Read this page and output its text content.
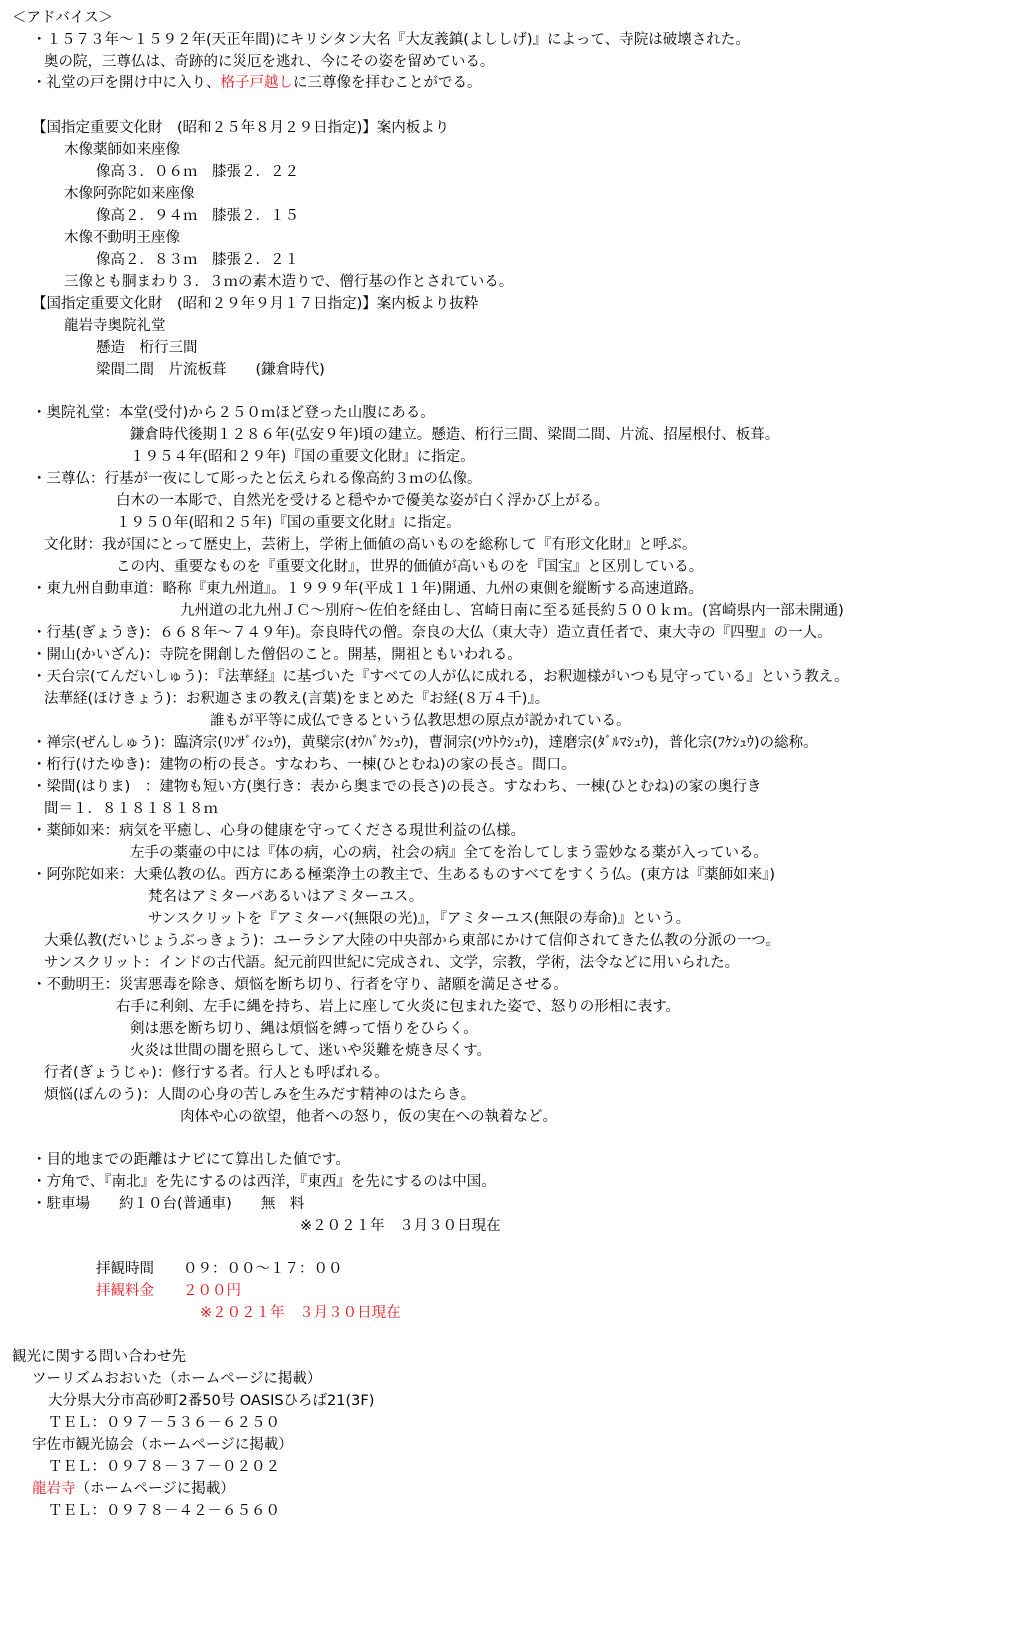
＜アドバイス＞
・１５７３年～１５９２年(天正年間)にキリシタン大名『大友義鎮(よししげ)』によって、寺院は破壊された。
奥の院，三尊仏は、奇跡的に災厄を逃れ、今にその姿を留めている。
・礼堂の戸を開け中に入り、格子戸越しに三尊像を拝むことがでる。
【国指定重要文化財　(昭和２５年８月２９日指定)】案内板より
木像薬師如来座像
像高３．０６ｍ　膝張２．２２
木像阿弥陀如来座像
像高２．９４ｍ　膝張２．１５
木像不動明王座像
像高２．８３ｍ　膝張２．２１
三像とも胴まわり３．３ｍの素木造りで、僧行基の作とされている。
【国指定重要文化財　(昭和２９年９月１７日指定)】案内板より抜粋
龍岩寺奥院礼堂
懸造　桁行三間
梁間二間　片流板葺　　(鎌倉時代)
・奥院礼堂：本堂(受付)から２５０ｍほど登った山腹にある。
鎌倉時代後期１２８６年(弘安９年)頃の建立。懸造、桁行三間、梁間二間、片流、招屋根付、板葺。
１９５４年(昭和２９年)『国の重要文化財』に指定。
・三尊仏：行基が一夜にして彫ったと伝えられる像高約３ｍの仏像。
白木の一本彫で、自然光を受けると穏やかで優美な姿が白く浮かび上がる。
１９５０年(昭和２５年)『国の重要文化財』に指定。
文化財：我が国にとって歴史上，芸術上，学術上価値の高いものを総称して『有形文化財』と呼ぶ。
この内、重要なものを『重要文化財』，世界的価値が高いものを『国宝』と区別している。
・東九州自動車道：略称『東九州道』。１９９９年(平成１１年)開通、九州の東側を縦断する高速道路。
九州道の北九州ＪＣ～別府～佐伯を経由し、宮崎日南に至る延長約５００ｋｍ。(宮崎県内一部未開通)
・行基(ぎょうき)：６６８年～７４９年)。奈良時代の僧。奈良の大仏（東大寺）造立責任者で、東大寺の『四聖』の一人。
・開山(かいざん)：寺院を開創した僧侶のこと。開基，開祖ともいわれる。
・天台宗(てんだいしゅう)：『法華経』に基づいた『すべての人が仏に成れる，お釈迦様がいつも見守っている』という教え。
法華経(ほけきょう)：お釈迦さまの教え(言葉)をまとめた『お経(８万４千)』。
誰もが平等に成仏できるという仏教思想の原点が説かれている。
・禅宗(ぜんしゅう)：臨済宗(ﾘﾝｻﾞｲｼｭｳ)，黄檗宗(ｵｳﾊﾞｸｼｭｳ)，曹洞宗(ｿｳﾄｳｼｭｳ)，達磨宗(ﾀﾞﾙﾏｼｭｳ)，普化宗(ﾌｹｼｭｳ)の総称。
・桁行(けたゆき)：建物の桁の長さ。すなわち、一棟(ひとむね)の家の長さ。間口。
・梁間(はりま)　：建物も短い方(奥行き：表から奥までの長さ)の長さ。すなわち、一棟(ひとむね)の家の奥行き
間＝１．８１８１８１８ｍ
・薬師如来：病気を平癒し、心身の健康を守ってくださる現世利益の仏様。
左手の薬壷の中には『体の病，心の病，社会の病』全てを治してしまう霊妙なる薬が入っている。
・阿弥陀如来：大乗仏教の仏。西方にある極楽浄土の教主で、生あるものすべてをすくう仏。(東方は『薬師如来』)
梵名はアミターバあるいはアミターユス。
サンスクリットを『アミターバ(無限の光)』，『アミターユス(無限の寿命)』という。
大乗仏教(だいじょうぶっきょう)：ユーラシア大陸の中央部から東部にかけて信仰されてきた仏教の分派の一つ。
サンスクリット：インドの古代語。紀元前四世紀に完成され、文学，宗教，学術，法令などに用いられた。
・不動明王：災害悪毒を除き、煩悩を断ち切り、行者を守り、諸願を満足させる。
右手に利剣、左手に縄を持ち、岩上に座して火炎に包まれた姿で、怒りの形相に表す。
剣は悪を断ち切り、縄は煩悩を縛って悟りをひらく。
火炎は世間の闇を照らして、迷いや災難を焼き尽くす。
行者(ぎょうじゃ)：修行する者。行人とも呼ばれる。
煩悩(ぼんのう)：人間の心身の苦しみを生みだす精神のはたらき。
肉体や心の欲望，他者への怒り，仮の実在への執着など。
・目的地までの距離はナビにて算出した値です。
・方角で、『南北』を先にするのは西洋，『東西』を先にするのは中国。
・駐車場　　約１０台(普通車)　　無　料
※２０２１年　３月３０日現在
拝観時間　　０９：００～１７：００
拝観料金　　 ２００円
※２０２１年　３月３０日現在
観光に関する問い合わせ先
ツーリズムおおいた（ホームページに掲載）
大分県大分市高砂町2番50号 OASISひろば21(3F)
ＴＥＬ：０９７－５３６－６２５０
宇佐市観光協会（ホームページに掲載）
ＴＥＬ：０９７８－３７－０２０２
龍岩寺（ホームページに掲載）
ＴＥＬ：０９７８－４２－６５６０
